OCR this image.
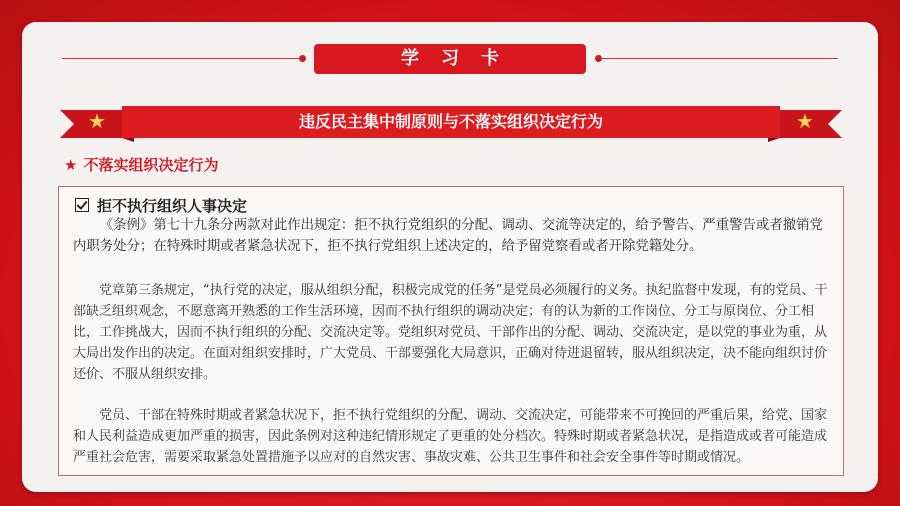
学习卡
★	违反民主集中制原则与不落实组织决定行为	★
★ 不落实组织决定行为
拒不执行组织人事决定

《条例》第七十九条分两款对此作出规定：拒不执行党组织的分配、调动、交流等决定的，给予警告、严重警告或者撤销党内职务处分；在特殊时期或者紧急状况下，拒不执行党组织上述决定的，给予留党察看或者开除党籍处分。

党章第三条规定，“执行党的决定，服从组织分配，积极完成党的任务”是党员必须履行的义务。执纪监督中发现，有的党员、干部缺乏组织观念，不愿意离开熟悉的工作生活环境，因而不执行组织的调动决定；有的认为新的工作岗位、分工与原岗位、分工相比，工作挑战大，因而不执行组织的分配、交流决定等。党组织对党员、干部作出的分配、调动、交流决定，是以党的事业为重，从大局出发作出的决定。在面对组织安排时，广大党员、干部要强化大局意识，正确对待进退留转，服从组织决定，决不能向组织讨价还价、不服从组织安排。

党员、干部在特殊时期或者紧急状况下，拒不执行党组织的分配、调动、交流决定，可能带来不可挽回的严重后果，给党、国家和人民利益造成更加严重的损害，因此条例对这种违纪情形规定了更重的处分档次。特殊时期或者紧急状况，是指造成或者可能造成严重社会危害，需要采取紧急处置措施予以应对的自然灾害、事故灾难、公共卫生事件和社会安全事件等时期或情况。
